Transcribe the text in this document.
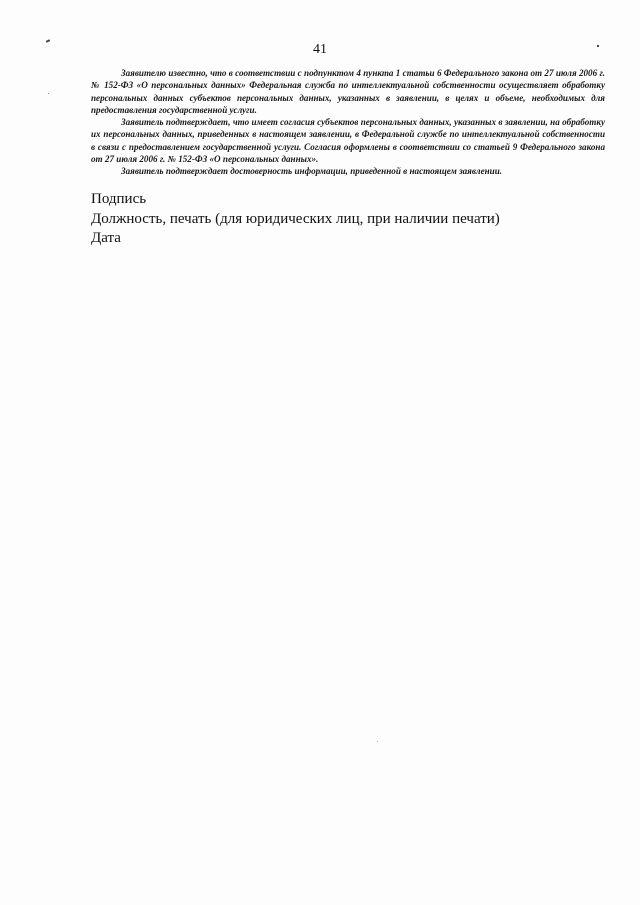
41

Заявителю известно, что в соответствии с подпунктом 4 пункта 1 статьи 6 Федерального закона от 27 июля 2006 г. № 152-ФЗ «О персональных данных» Федеральная служба по интеллектуальной собственности осуществляет обработку персональных данных субъектов персональных данных, указанных в заявлении, в целях и объеме, необходимых для предоставления государственной услуги.

Заявитель подтверждает, что имеет согласия субъектов персональных данных, указанных в заявлении, на обработку их персональных данных, приведенных в настоящем заявлении, в Федеральной службе по интеллектуальной собственности в связи с предоставлением государственной услуги. Согласия оформлены в соответствии со статьей 9 Федерального закона от 27 июля 2006 г. № 152-ФЗ «О персональных данных».

Заявитель подтверждает достоверность информации, приведенной в настоящем заявлении.

Подпись
Должность, печать (для юридических лиц, при наличии печати)
Дата
